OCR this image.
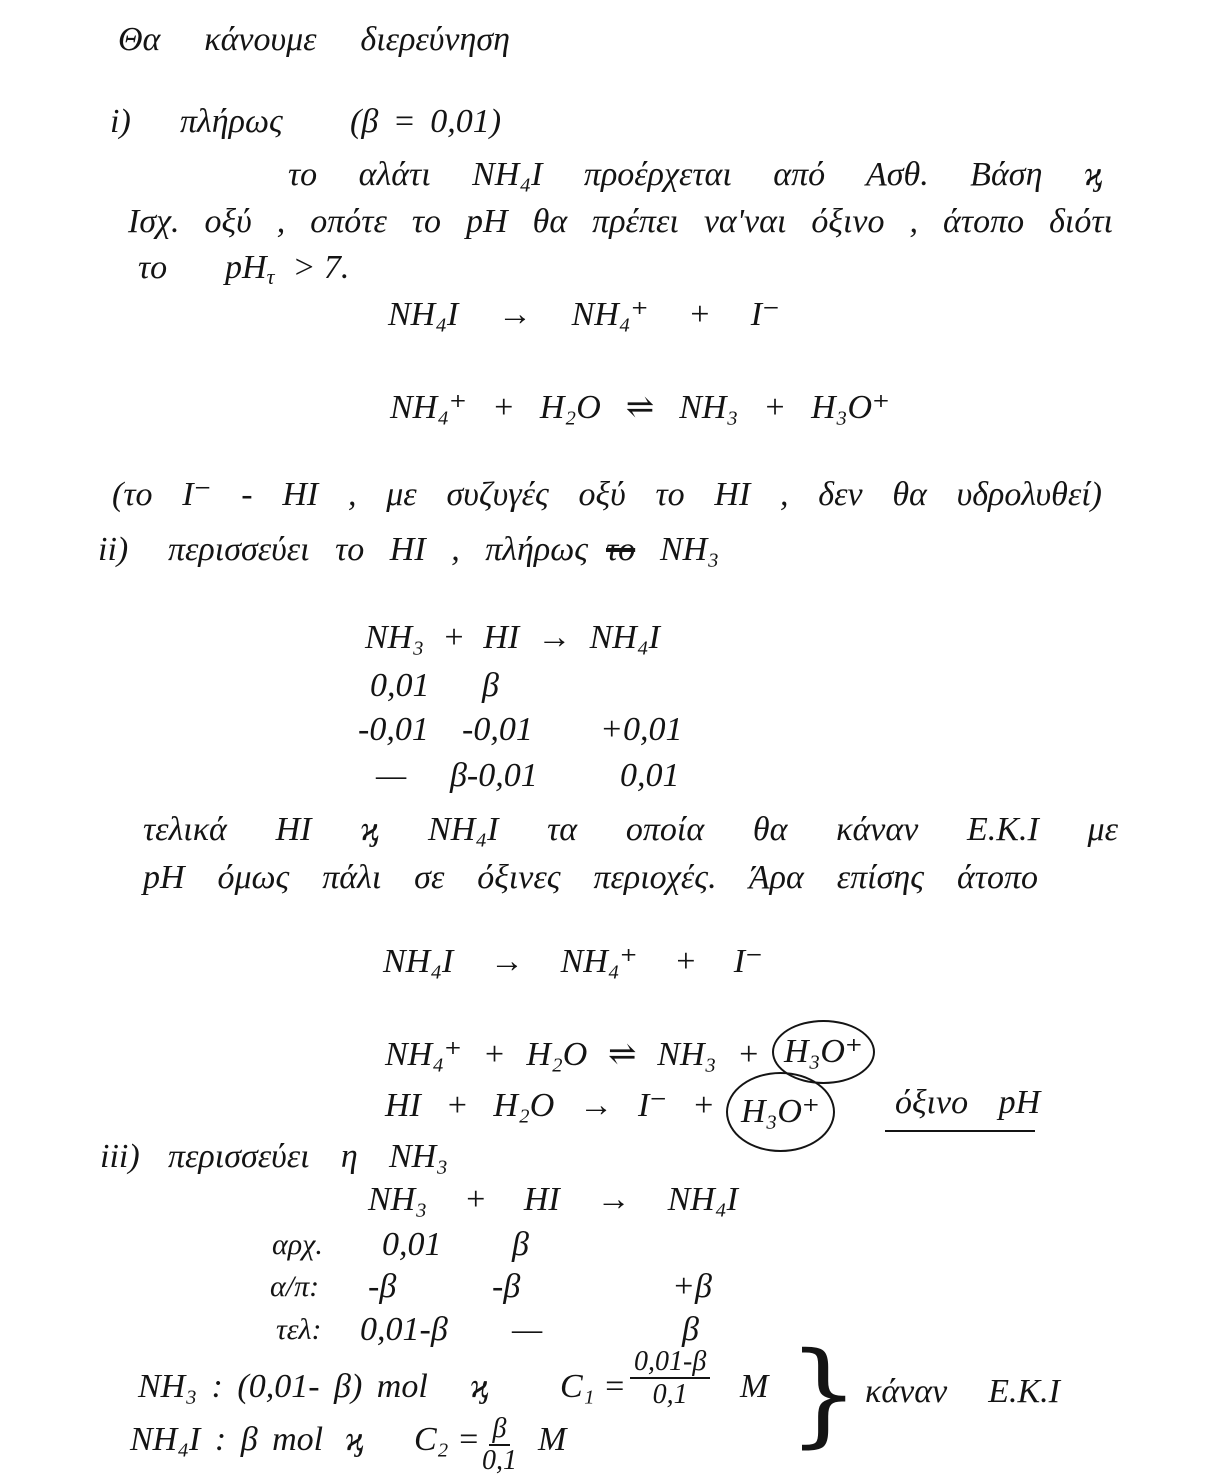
Θα κάνουμε διερεύνηση
i) πλήρως (β = 0,01)
το αλάτι NH₄I προέρχεται από Ασθ. Βάση ϗ
Ισχ. οξύ , οπότε το pH θα πρέπει να'ναι όξινο , άτοπο διότι
το $pH_\tau > 7$.
NH₄I → NH₄⁺ + I⁻
NH₄⁺ + H₂O ⇌ NH₃ + H₃O⁺
(το I⁻ - HI , με συζυγές οξύ το HI , δεν θα υδρολυθεί)
ii) περισσεύει το HI , πλήρως το NH₃
NH₃ + HI → NH₄I
0,01 β
-0,01 -0,01 +0,01
— β-0,01 0,01
τελικά HI ϗ NH₄I τα οποία θα κάναν Ε.Κ.Ι με
pH όμως πάλι σε όξινες περιοχές. Άρα επίσης άτοπο
NH₄I → NH₄⁺ + I⁻
NH₄⁺ + H₂O ⇌ NH₃ + H₃O⁺
HI + H₂O → I⁻ + H₃O⁺	όξινο pH
iii) περισσεύει η NH₃
NH₃ + HI → NH₄I
αρχ. 0,01 β
α/π: -β	-β	+β
τελ: 0,01-β —	β
NH₃ : (0,01- β) mol ϗ $C_1 = \frac{0,01-\beta}{0,1}$ M } κάναν Ε.Κ.Ι
NH₄I : β mol ϗ C₂ =
$\frac{\beta}{0,1}$ M
